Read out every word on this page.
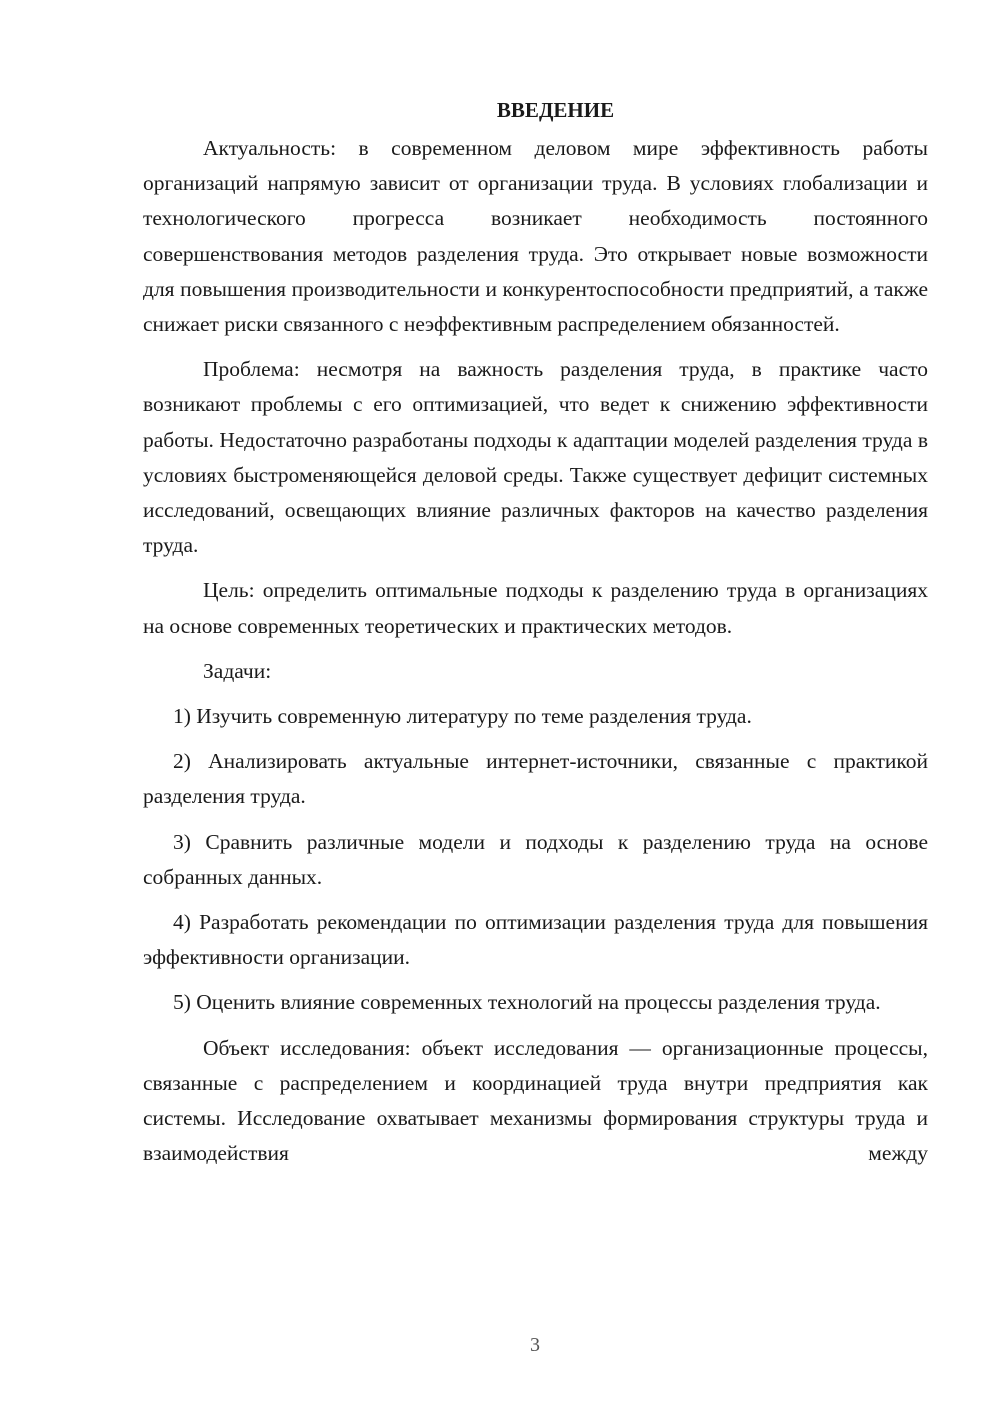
ВВЕДЕНИЕ

Актуальность: в современном деловом мире эффективность работы организаций напрямую зависит от организации труда. В условиях глобализации и технологического прогресса возникает необходимость постоянного совершенствования методов разделения труда. Это открывает новые возможности для повышения производительности и конкурентоспособности предприятий, а также снижает риски связанного с неэффективным распределением обязанностей.

Проблема: несмотря на важность разделения труда, в практике часто возникают проблемы с его оптимизацией, что ведет к снижению эффективности работы. Недостаточно разработаны подходы к адаптации моделей разделения труда в условиях быстроменяющейся деловой среды. Также существует дефицит системных исследований, освещающих влияние различных факторов на качество разделения труда.

Цель: определить оптимальные подходы к разделению труда в организациях на основе современных теоретических и практических методов.

Задачи:

1) Изучить современную литературу по теме разделения труда.

2) Анализировать актуальные интернет-источники, связанные с практикой разделения труда.

3) Сравнить различные модели и подходы к разделению труда на основе собранных данных.

4) Разработать рекомендации по оптимизации разделения труда для повышения эффективности организации.

5) Оценить влияние современных технологий на процессы разделения труда.

Объект исследования: объект исследования — организационные процессы, связанные с распределением и координацией труда внутри предприятия как системы. Исследование охватывает механизмы формирования структуры труда и взаимодействия между

3
